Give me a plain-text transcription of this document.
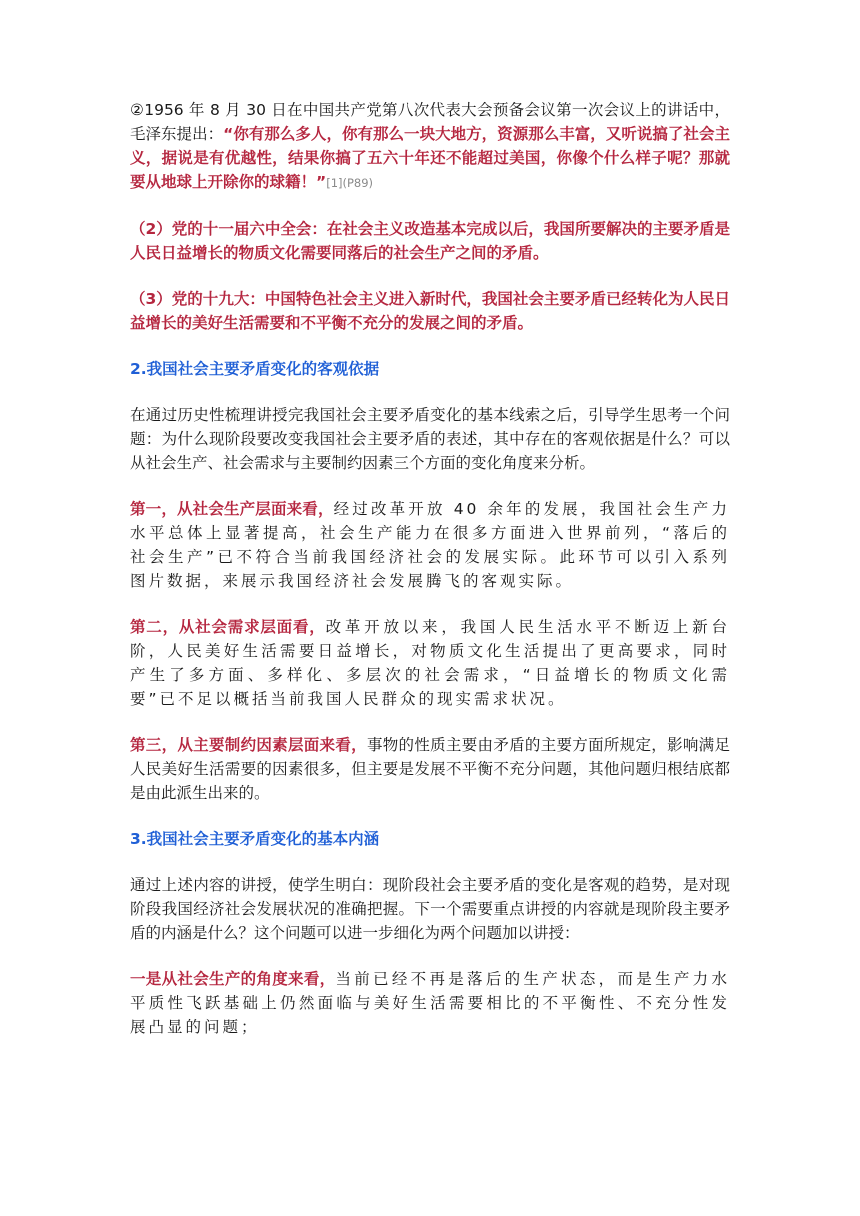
②1956 年 8 月 30 日在中国共产党第八次代表大会预备会议第一次会议上的讲话中，毛泽东提出：“你有那么多人，你有那么一块大地方，资源那么丰富，又听说搞了社会主义，据说是有优越性，结果你搞了五六十年还不能超过美国，你像个什么样子呢？那就要从地球上开除你的球籍！”[1](P89)

（2）党的十一届六中全会：在社会主义改造基本完成以后，我国所要解决的主要矛盾是人民日益增长的物质文化需要同落后的社会生产之间的矛盾。

（3）党的十九大：中国特色社会主义进入新时代，我国社会主要矛盾已经转化为人民日益增长的美好生活需要和不平衡不充分的发展之间的矛盾。

2.我国社会主要矛盾变化的客观依据

在通过历史性梳理讲授完我国社会主要矛盾变化的基本线索之后，引导学生思考一个问题：为什么现阶段要改变我国社会主要矛盾的表述，其中存在的客观依据是什么？可以从社会生产、社会需求与主要制约因素三个方面的变化角度来分析。

第一，从社会生产层面来看，经过改革开放 40 余年的发展，我国社会生产力水平总体上显著提高，社会生产能力在很多方面进入世界前列，“落后的社会生产”已不符合当前我国经济社会的发展实际。此环节可以引入系列图片数据，来展示我国经济社会发展腾飞的客观实际。

第二，从社会需求层面看，改革开放以来，我国人民生活水平不断迈上新台阶，人民美好生活需要日益增长，对物质文化生活提出了更高要求，同时产生了多方面、多样化、多层次的社会需求，“日益增长的物质文化需要”已不足以概括当前我国人民群众的现实需求状况。

第三，从主要制约因素层面来看，事物的性质主要由矛盾的主要方面所规定，影响满足人民美好生活需要的因素很多，但主要是发展不平衡不充分问题，其他问题归根结底都是由此派生出来的。

3.我国社会主要矛盾变化的基本内涵

通过上述内容的讲授，使学生明白：现阶段社会主要矛盾的变化是客观的趋势，是对现阶段我国经济社会发展状况的准确把握。下一个需要重点讲授的内容就是现阶段主要矛盾的内涵是什么？这个问题可以进一步细化为两个问题加以讲授：

一是从社会生产的角度来看，当前已经不再是落后的生产状态，而是生产力水平质性飞跃基础上仍然面临与美好生活需要相比的不平衡性、不充分性发展凸显的问题；
